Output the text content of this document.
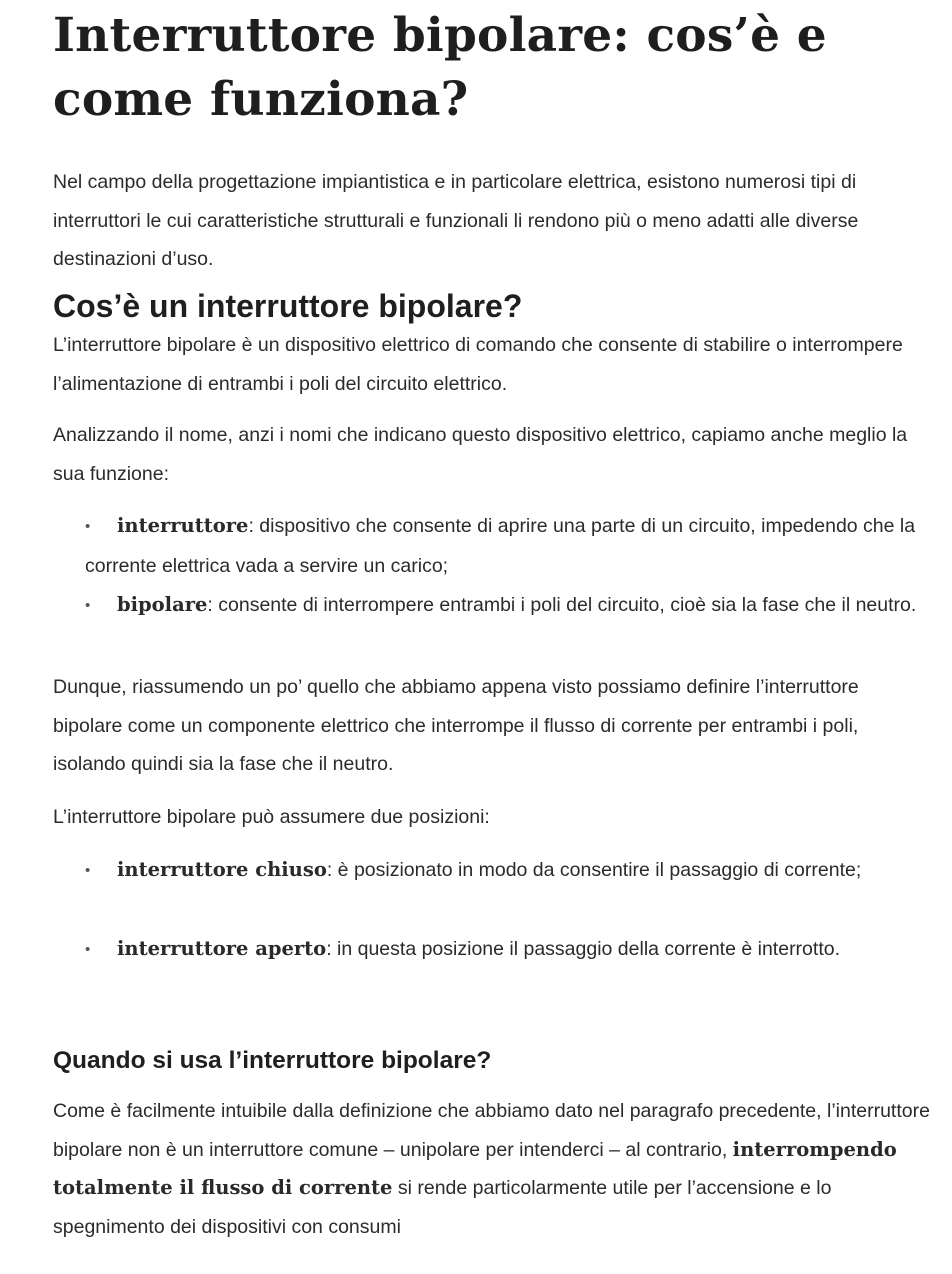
Interruttore bipolare: cos’è e come funziona?

Nel campo della progettazione impiantistica e in particolare elettrica, esistono numerosi tipi di interruttori le cui caratteristiche strutturali e funzionali li rendono più o meno adatti alle diverse destinazioni d’uso.

Cos’è un interruttore bipolare?

L’interruttore bipolare è un dispositivo elettrico di comando che consente di stabilire o interrompere l’alimentazione di entrambi i poli del circuito elettrico.

Analizzando il nome, anzi i nomi che indicano questo dispositivo elettrico, capiamo anche meglio la sua funzione:

• interruttore: dispositivo che consente di aprire una parte di un circuito, impedendo che la corrente elettrica vada a servire un carico;
• bipolare: consente di interrompere entrambi i poli del circuito, cioè sia la fase che il neutro.

Dunque, riassumendo un po’ quello che abbiamo appena visto possiamo definire l’interruttore bipolare come un componente elettrico che interrompe il flusso di corrente per entrambi i poli, isolando quindi sia la fase che il neutro.

L’interruttore bipolare può assumere due posizioni:

• interruttore chiuso: è posizionato in modo da consentire il passaggio di corrente;
• interruttore aperto: in questa posizione il passaggio della corrente è interrotto.
Quando si usa l’interruttore bipolare?

Come è facilmente intuibile dalla definizione che abbiamo dato nel paragrafo precedente, l’interruttore bipolare non è un interruttore comune – unipolare per intenderci – al contrario, interrompendo totalmente il flusso di corrente si rende particolarmente utile per l’accensione e lo spegnimento dei dispositivi con consumi
